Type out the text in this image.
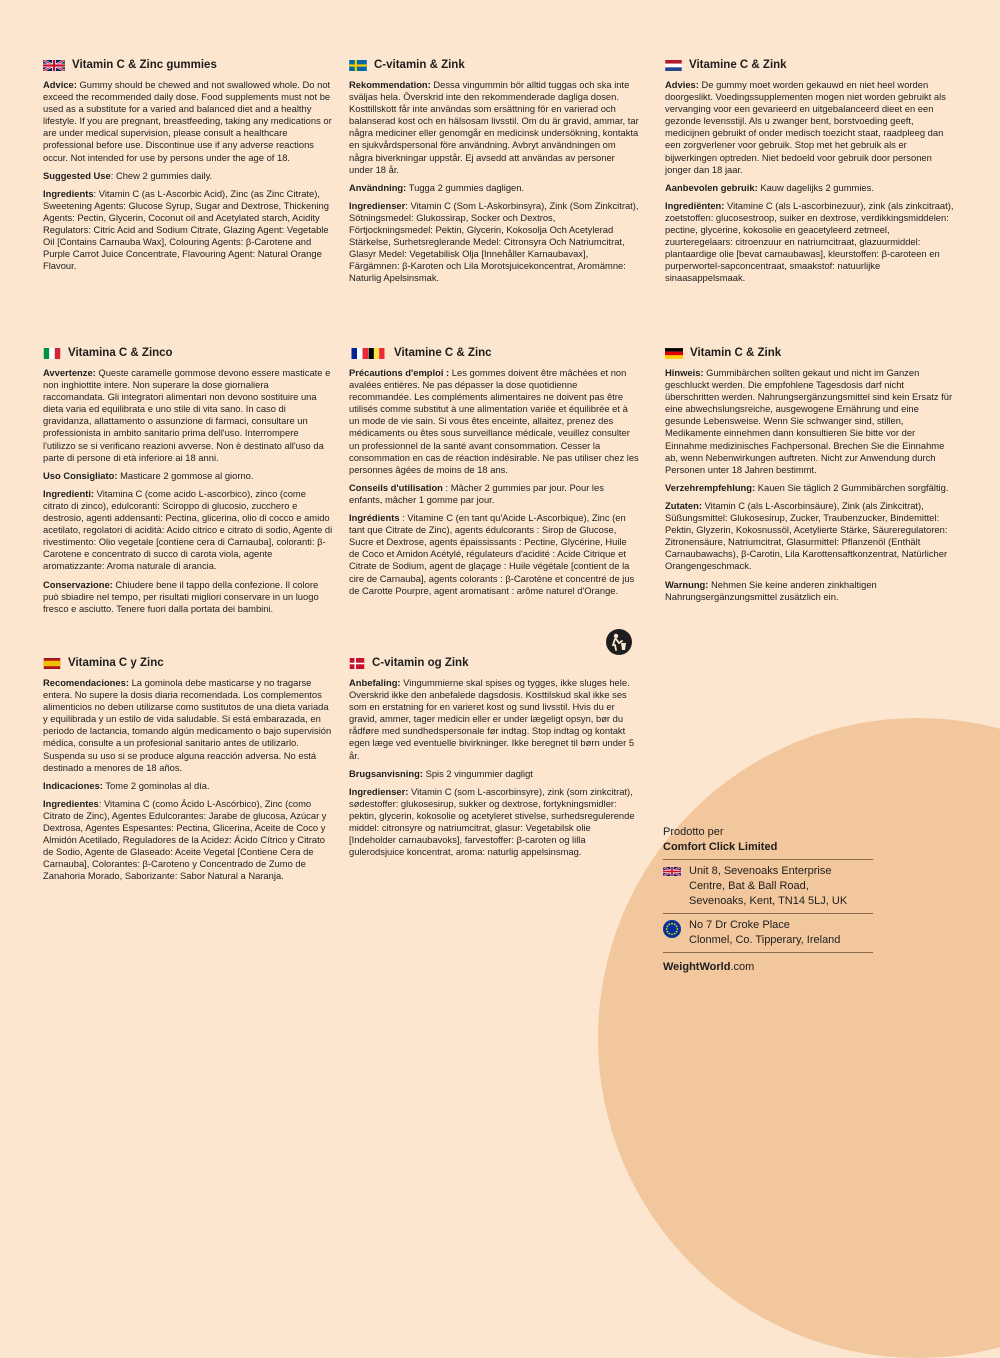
Vitamin C & Zinc gummies

Advice: Gummy should be chewed and not swallowed whole. Do not exceed the recommended daily dose. Food supplements must not be used as a substitute for a varied and balanced diet and a healthy lifestyle. If you are pregnant, breastfeeding, taking any medications or are under medical supervision, please consult a healthcare professional before use. Discontinue use if any adverse reactions occur. Not intended for use by persons under the age of 18.

Suggested Use: Chew 2 gummies daily.

Ingredients: Vitamin C (as L-Ascorbic Acid), Zinc (as Zinc Citrate), Sweetening Agents: Glucose Syrup, Sugar and Dextrose, Thickening Agents: Pectin, Glycerin, Coconut oil and Acetylated starch, Acidity Regulators: Citric Acid and Sodium Citrate, Glazing Agent: Vegetable Oil [Contains Carnauba Wax], Colouring Agents: β-Carotene and Purple Carrot Juice Concentrate, Flavouring Agent: Natural Orange Flavour.

C-vitamin & Zink

Rekommendation: Dessa vingummin bör alltid tuggas och ska inte sväljas hela. Överskrid inte den rekommenderade dagliga dosen. Kosttillskott får inte användas som ersättning för en varierad och balanserad kost och en hälsosam livsstil. Om du är gravid, ammar, tar några mediciner eller genomgår en medicinsk undersökning, kontakta en sjukvårdspersonal före användning. Avbryt användningen om några biverkningar uppstår. Ej avsedd att användas av personer under 18 år.

Användning: Tugga 2 gummies dagligen.

Ingredienser: Vitamin C (Som L-Askorbinsyra), Zink (Som Zinkcitrat), Sötningsmedel: Glukossirap, Socker och Dextros, Förtjockningsmedel: Pektin, Glycerin, Kokosolja Och Acetylerad Stärkelse, Surhetsreglerande Medel: Citronsyra Och Natriumcitrat, Glasyr Medel: Vegetabilisk Olja [Innehåller Karnaubavax], Färgämnen: β-Karoten och Lila Morotsjuicekoncentrat, Aromämne: Naturlig Apelsinsmak.

Vitamine C & Zink

Advies: De gummy moet worden gekauwd en niet heel worden doorgeslikt. Voedingssupplementen mogen niet worden gebruikt als vervanging voor een gevarieerd en uitgebalanceerd dieet en een gezonde levensstijl. Als u zwanger bent, borstvoeding geeft, medicijnen gebruikt of onder medisch toezicht staat, raadpleeg dan een zorgverlener voor gebruik. Stop met het gebruik als er bijwerkingen optreden. Niet bedoeld voor gebruik door personen jonger dan 18 jaar.

Aanbevolen gebruik: Kauw dagelijks 2 gummies.

Ingrediënten: Vitamine C (als L-ascorbinezuur), zink (als zinkcitraat), zoetstoffen: glucosestroop, suiker en dextrose, verdikkingsmiddelen: pectine, glycerine, kokosolie en geacetyleerd zetmeel, zuurteregelaars: citroenzuur en natriumcitraat, glazuurmiddel: plantaardige olie [bevat carnaubawas], kleurstoffen: β-caroteen en purperwortel-sapconcentraat, smaakstof: natuurlijke sinaasappelsmaak.

Vitamina C & Zinco

Avvertenze: Queste caramelle gommose devono essere masticate e non inghiottite intere. Non superare la dose giornaliera raccomandata. Gli integratori alimentari non devono sostituire una dieta varia ed equilibrata e uno stile di vita sano. In caso di gravidanza, allattamento o assunzione di farmaci, consultare un professionista in ambito sanitario prima dell'uso. Interrompere l'utilizzo se si verificano reazioni avverse. Non è destinato all'uso da parte di persone di età inferiore ai 18 anni.

Uso Consigliato: Masticare 2 gommose al giorno.

Ingredienti: Vitamina C (come acido L-ascorbico), zinco (come citrato di zinco), edulcoranti: Sciroppo di glucosio, zucchero e destrosio, agenti addensanti: Pectina, glicerina, olio di cocco e amido acetilato, regolatori di acidità: Acido citrico e citrato di sodio, Agente di rivestimento: Olio vegetale [contiene cera di Carnauba], coloranti: β-Carotene e concentrato di succo di carota viola, agente aromatizzante: Aroma naturale di arancia.

Conservazione: Chiudere bene il tappo della confezione. Il colore può sbiadire nel tempo, per risultati migliori conservare in un luogo fresco e asciutto. Tenere fuori dalla portata dei bambini.

Vitamine C & Zinc

Précautions d'emploi : Les gommes doivent être mâchées et non avalées entières. Ne pas dépasser la dose quotidienne recommandée. Les compléments alimentaires ne doivent pas être utilisés comme substitut à une alimentation variée et équilibrée et à un mode de vie sain. Si vous êtes enceinte, allaitez, prenez des médicaments ou êtes sous surveillance médicale, veuillez consulter un professionnel de la santé avant consommation. Cesser la consommation en cas de réaction indésirable. Ne pas utiliser chez les personnes âgées de moins de 18 ans.

Conseils d'utilisation : Mâcher 2 gummies par jour. Pour les enfants, mâcher 1 gomme par jour.

Ingrédients : Vitamine C (en tant qu'Acide L-Ascorbique), Zinc (en tant que Citrate de Zinc), agents édulcorants : Sirop de Glucose, Sucre et Dextrose, agents épaississants : Pectine, Glycérine, Huile de Coco et Amidon Acétylé, régulateurs d'acidité : Acide Citrique et Citrate de Sodium, agent de glaçage : Huile végétale [contient de la cire de Carnauba], agents colorants : β-Carotène et concentré de jus de Carotte Pourpre, agent aromatisant : arôme naturel d'Orange.

Vitamin C & Zink

Hinweis: Gummibärchen sollten gekaut und nicht im Ganzen geschluckt werden. Die empfohlene Tagesdosis darf nicht überschritten werden. Nahrungsergänzungsmittel sind kein Ersatz für eine abwechslungsreiche, ausgewogene Ernährung und eine gesunde Lebensweise. Wenn Sie schwanger sind, stillen, Medikamente einnehmen dann konsultieren Sie bitte vor der Einnahme medizinisches Fachpersonal. Brechen Sie die Einnahme ab, wenn Nebenwirkungen auftreten. Nicht zur Anwendung durch Personen unter 18 Jahren bestimmt.

Verzehrempfehlung: Kauen Sie täglich 2 Gummibärchen sorgfältig.

Zutaten: Vitamin C (als L-Ascorbinsäure), Zink (als Zinkcitrat), Süßungsmittel: Glukosesirup, Zucker, Traubenzucker, Bindemittel: Pektin, Glyzerin, Kokosnussöl, Acetylierte Stärke, Säureregulatoren: Zitronensäure, Natriumcitrat, Glasurmittel: Pflanzenöl (Enthält Carnaubawachs), β-Carotin, Lila Karottensaftkonzentrat, Natürlicher Orangengeschmack.

Warnung: Nehmen Sie keine anderen zinkhaltigen Nahrungsergänzungsmittel zusätzlich ein.

Vitamina C y Zinc

Recomendaciones: La gominola debe masticarse y no tragarse entera. No supere la dosis diaria recomendada. Los complementos alimenticios no deben utilizarse como sustitutos de una dieta variada y equilibrada y un estilo de vida saludable. Si está embarazada, en periodo de lactancia, tomando algún medicamento o bajo supervisión médica, consulte a un profesional sanitario antes de utilizarlo. Suspenda su uso si se produce alguna reacción adversa. No está destinado a menores de 18 años.

Indicaciones: Tome 2 gominolas al día.

Ingredientes: Vitamina C (como Ácido L-Ascórbico), Zinc (como Citrato de Zinc), Agentes Edulcorantes: Jarabe de glucosa, Azúcar y Dextrosa, Agentes Espesantes: Pectina, Glicerina, Aceite de Coco y Almidón Acetilado, Reguladores de la Acidez: Ácido Cítrico y Citrato de Sodio, Agente de Glaseado: Aceite Vegetal [Contiene Cera de Carnauba], Colorantes: β-Caroteno y Concentrado de Zumo de Zanahoria Morado, Saborizante: Sabor Natural a Naranja.

C-vitamin og Zink

Anbefaling: Vingummierne skal spises og tygges, ikke sluges hele. Overskrid ikke den anbefalede dagsdosis. Kosttilskud skal ikke ses som en erstatning for en varieret kost og sund livsstil. Hvis du er gravid, ammer, tager medicin eller er under lægeligt opsyn, bør du rådføre med sundhedspersonale før indtag. Stop indtag og kontakt egen læge ved eventuelle bivirkninger. Ikke beregnet til børn under 5 år.

Brugsanvisning: Spis 2 vingummier dagligt

Ingredienser: Vitamin C (som L-ascorbinsyre), zink (som zinkcitrat), sødestoffer: glukosesirup, sukker og dextrose, fortykningsmidler: pektin, glycerin, kokosolie og acetyleret stivelse, surhedsregulerende middel: citronsyre og natriumcitrat, glasur: Vegetabilsk olie [Indeholder carnaubavoks], farvestoffer: β-caroten og lilla gulerodsjuice koncentrat, aroma: naturlig appelsinsmag.

Prodotto per
Comfort Click Limited
Unit 8, Sevenoaks Enterprise
Centre, Bat & Ball Road,
Sevenoaks, Kent, TN14 5LJ, UK
No 7 Dr Croke Place
Clonmel, Co. Tipperary, Ireland
WeightWorld.com
